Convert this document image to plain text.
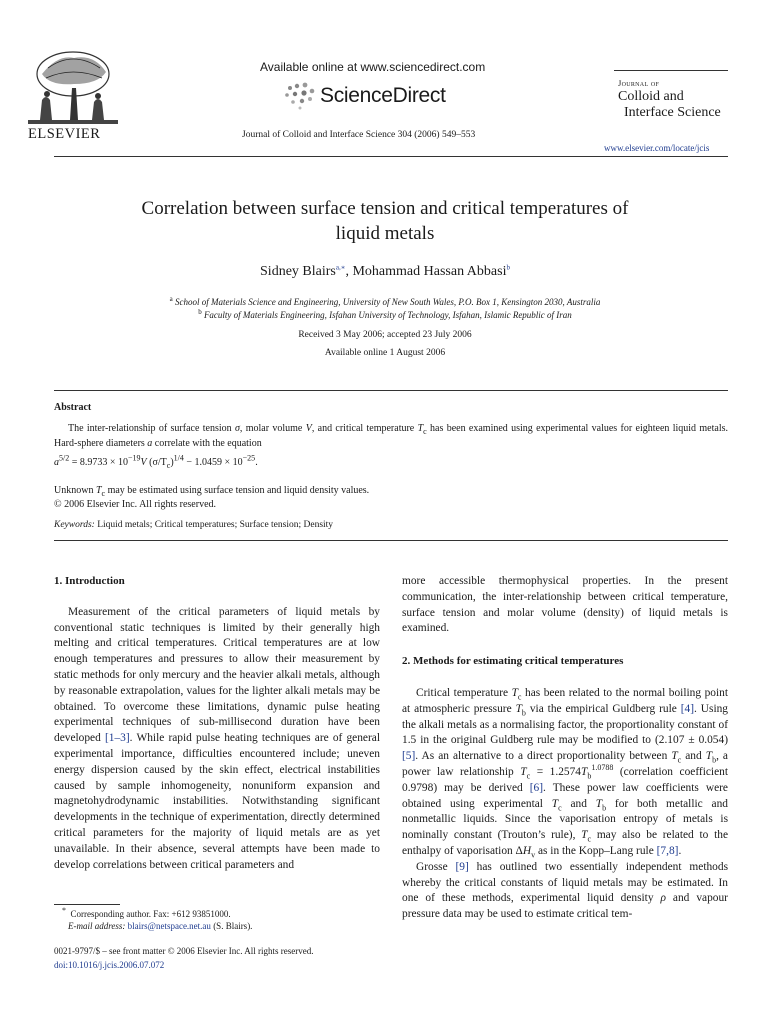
ELSEVIER
Available online at www.sciencedirect.com
ScienceDirect
Journal of Colloid and Interface Science 304 (2006) 549–553
Journal of
Colloid and
Interface Science
www.elsevier.com/locate/jcis
Correlation between surface tension and critical temperatures of
liquid metals
Sidney Blairs$^{a,∗}$, Mohammad Hassan Abbasi$^b$
$^a$ School of Materials Science and Engineering, University of New South Wales, P.O. Box 1, Kensington 2030, Australia
$^b$ Faculty of Materials Engineering, Isfahan University of Technology, Isfahan, Islamic Republic of Iran
Received 3 May 2006; accepted 23 July 2006
Available online 1 August 2006
Abstract
The inter-relationship of surface tension σ, molar volume V, and critical temperature $T_c$ has been examined using experimental values for eighteen liquid metals. Hard-sphere diameters a correlate with the equation
$a^{5/2} = 8.9733 \times 10^{-19}V$ $(\sigma/T_c)^{1/4} - 1.0459 \times 10^{-25}$.
Unknown $T_c$ may be estimated using surface tension and liquid density values.
© 2006 Elsevier Inc. All rights reserved.
Keywords: Liquid metals; Critical temperatures; Surface tension; Density
1. Introduction

Measurement of the critical parameters of liquid metals by conventional static techniques is limited by their generally high melting and critical temperatures. Critical temperatures are at low enough temperatures and pressures to allow their measurement by static methods for only mercury and the heavier alkali metals, although by reasonable extrapolation, values for the lighter alkali metals may be obtained. To overcome these limitations, dynamic pulse heating experimental techniques of sub-millisecond duration have been developed [1–3]. While rapid pulse heating techniques are of general experimental importance, difficulties encountered include; uneven energy dispersion caused by the skin effect, electrical instabilities caused by sample inhomogeneity, nonuniform expansion and magnetohydrodynamic instabilities. Notwithstanding significant developments in the technique of experimentation, directly determined critical parameters for the majority of liquid metals are as yet unavailable. In their absence, several attempts have been made to develop correlations between critical parameters and

more accessible thermophysical properties. In the present communication, the inter-relationship between critical temperature, surface tension and molar volume (density) of liquid metals is examined.

2. Methods for estimating critical temperatures

Critical temperature $T_c$ has been related to the normal boiling point at atmospheric pressure $T_b$ via the empirical Guldberg rule [4]. Using the alkali metals as a normalising factor, the proportionality constant of 1.5 in the original Guldberg rule may be modified to (2.107 ± 0.054) [5]. As an alternative to a direct proportionality between $T_c$ and $T_b$, a power law relationship $T_c = 1.2574T_b^{1.0788}$ (correlation coefficient 0.9798) may be derived [6]. These power law coefficients were obtained using experimental $T_c$ and $T_b$ for both metallic and nonmetallic liquids. Since the vaporisation entropy of metals is nominally constant (Trouton’s rule), $T_c$ may also be related to the enthalpy of vaporisation $\Delta H_v$ as in the Kopp–Lang rule [7,8].

Grosse [9] has outlined two essentially independent methods whereby the critical constants of liquid metals may be estimated. In one of these methods, experimental liquid density ρ and vapour pressure data may be used to estimate critical tem-

* Corresponding author. Fax: +612 93851000.
E-mail address: blairs@netspace.net.au (S. Blairs).
0021-9797/$ – see front matter © 2006 Elsevier Inc. All rights reserved.
doi:10.1016/j.jcis.2006.07.072
